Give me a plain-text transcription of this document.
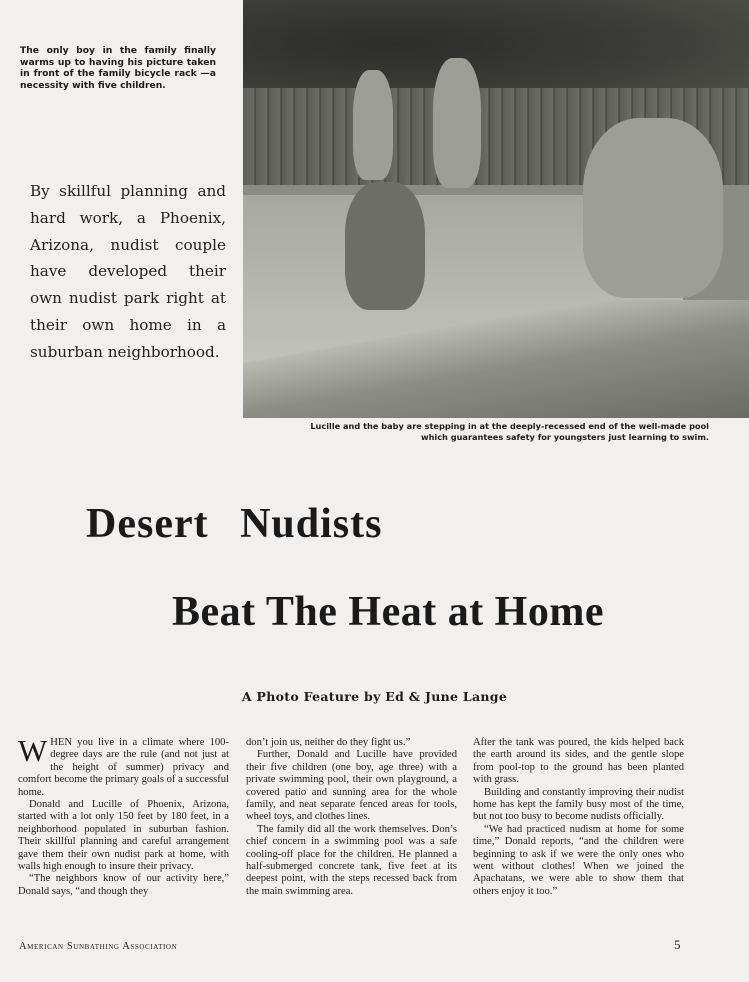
The only boy in the family finally warms up to having his picture taken in front of the family bicycle rack —a necessity with five children.

By skillful planning and hard work, a Phoenix, Arizona, nudist couple have developed their own nudist park right at their own home in a suburban neighborhood.

Lucille and the baby are stepping in at the deeply-recessed end of the well-made pool which guarantees safety for youngsters just learning to swim.

Desert Nudists
Beat The Heat at Home

A Photo Feature by Ed & June Lange

WHEN you live in a climate where 100-degree days are the rule (and not just at the height of summer) privacy and comfort become the primary goals of a successful home.

Donald and Lucille of Phoenix, Arizona, started with a lot only 150 feet by 180 feet, in a neighborhood populated in suburban fashion. Their skillful planning and careful arrangement gave them their own nudist park at home, with walls high enough to insure their privacy.

“The neighbors know of our activity here,” Donald says, “and though they

don’t join us, neither do they fight us.”

Further, Donald and Lucille have provided their five children (one boy, age three) with a private swimming pool, their own playground, a covered patio and sunning area for the whole family, and neat separate fenced areas for tools, wheel toys, and clothes lines.

The family did all the work themselves. Don’s chief concern in a swimming pool was a safe cooling-off place for the children. He planned a half-submerged concrete tank, five feet at its deepest point, with the steps recessed back from the main swimming area.

After the tank was poured, the kids helped back the earth around its sides, and the gentle slope from pool-top to the ground has been planted with grass.

Building and constantly improving their nudist home has kept the family busy most of the time, but not too busy to become nudists officially.

“We had practiced nudism at home for some time,” Donald reports, “and the children were beginning to ask if we were the only ones who went without clothes! When we joined the Apachatans, we were able to show them that others enjoy it too.”

American Sunbathing Association	5
